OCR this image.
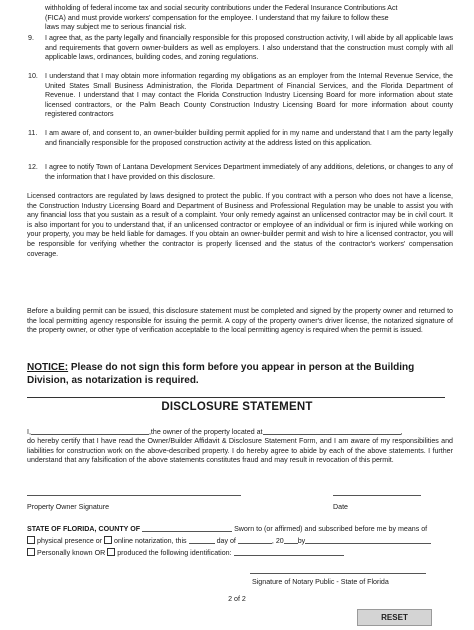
withholding of federal income tax and social security contributions under the Federal Insurance Contributions Act
(FICA) and must provide workers' compensation for the employee. I understand that my failure to follow these
laws may subject me to serious financial risk.
9. I agree that, as the party legally and financially responsible for this proposed construction activity, I will abide by all applicable laws and requirements that govern owner-builders as well as employers. I also understand that the construction must comply with all applicable laws, ordinances, building codes, and zoning regulations.
10. I understand that I may obtain more information regarding my obligations as an employer from the Internal Revenue Service, the United States Small Business Administration, the Florida Department of Financial Services, and the Florida Department of Revenue. I understand that I may contact the Florida Construction Industry Licensing Board for more information about state licensed contractors, or the Palm Beach County Construction Industry Licensing Board for more information about county registered contractors
11. I am aware of, and consent to, an owner-builder building permit applied for in my name and understand that I am the party legally and financially responsible for the proposed construction activity at the address listed on this application.
12. I agree to notify Town of Lantana Development Services Department immediately of any additions, deletions, or changes to any of the information that I have provided on this disclosure.
Licensed contractors are regulated by laws designed to protect the public. If you contract with a person who does not have a license, the Construction Industry Licensing Board and Department of Business and Professional Regulation may be unable to assist you with any financial loss that you sustain as a result of a complaint. Your only remedy against an unlicensed contractor may be in civil court. It is also important for you to understand that, if an unlicensed contractor or employee of an individual or firm is injured while working on your property, you may be held liable for damages. If you obtain an owner-builder permit and wish to hire a licensed contractor, you will be responsible for verifying whether the contractor is properly licensed and the status of the contractor's workers' compensation coverage.
Before a building permit can be issued, this disclosure statement must be completed and signed by the property owner and returned to the local permitting agency responsible for issuing the permit. A copy of the property owner's driver license, the notarized signature of the property owner, or other type of verification acceptable to the local permitting agency is required when the permit is issued.
NOTICE: Please do not sign this form before you appear in person at the Building Division, as notarization is required.
DISCLOSURE STATEMENT
I,	,the owner of the property located at	,
do hereby certify that I have read the Owner/Builder Affidavit & Disclosure Statement Form, and I am aware of my responsibilities and liabilities for construction work on the above-described property. I do hereby agree to abide by each of the above statements. I further understand that any falsification of the above statements constitutes fraud and may result in revocation of this permit.
Property Owner Signature	Date
STATE OF FLORIDA, COUNTY OF	Sworn to (or affirmed) and subscribed before me by means of
physical presence or online notarization, this	day of	, 20 by
Personally known OR produced the following identification:
Signature of Notary Public - State of Florida
2 of 2
RESET
